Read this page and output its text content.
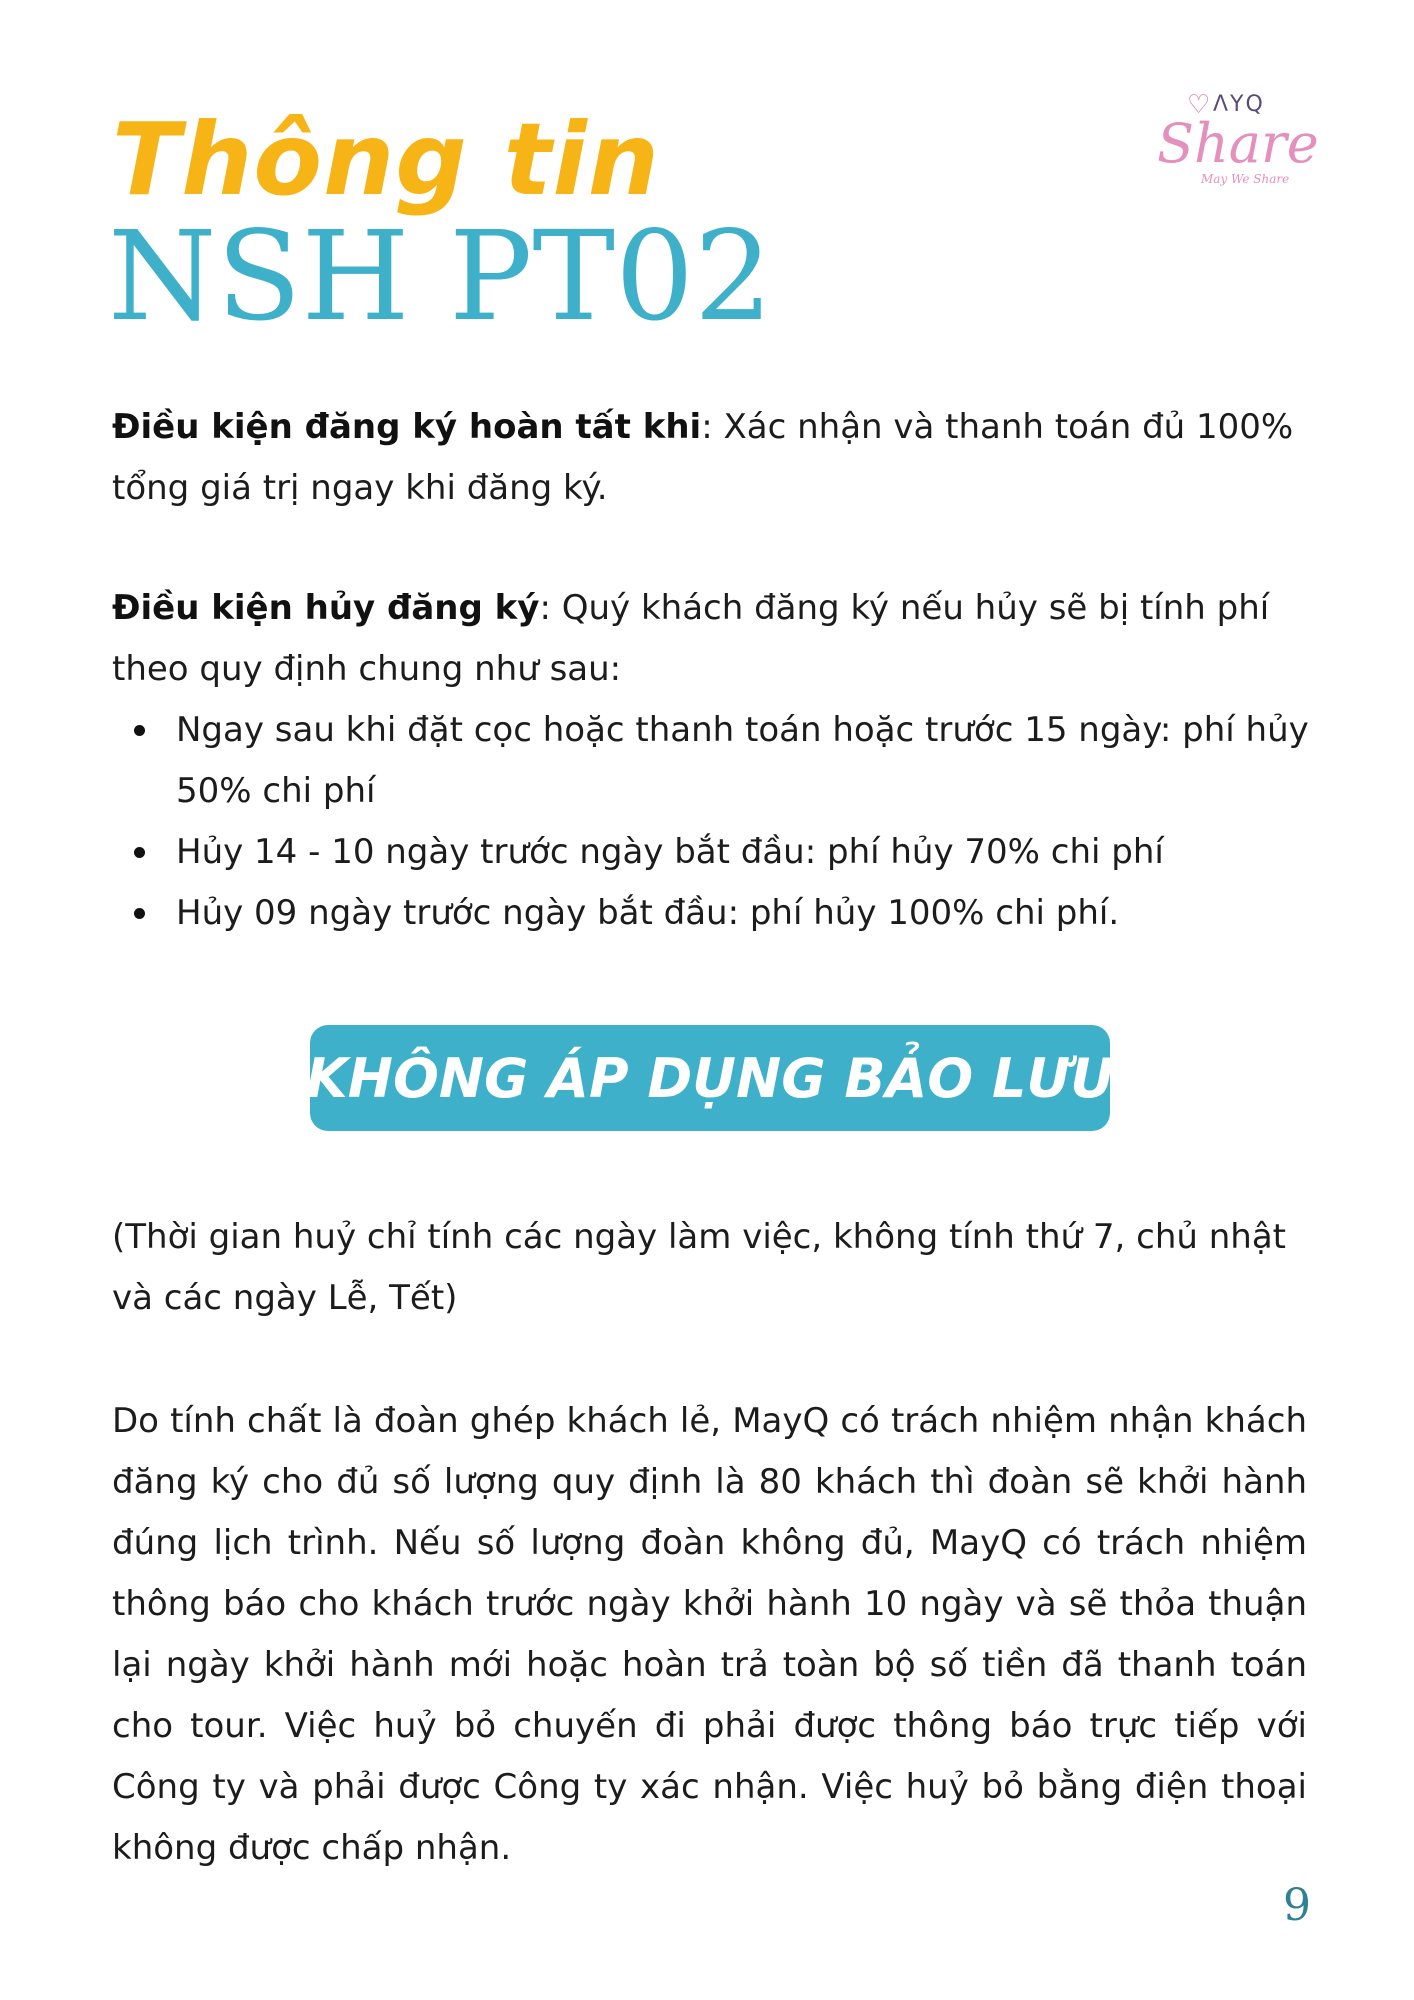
Thông tin
NSH PT02
♡ ΛYQ
Share
May We Share
Điều kiện đăng ký hoàn tất khi: Xác nhận và thanh toán đủ 100% tổng giá trị ngay khi đăng ký.
Điều kiện hủy đăng ký: Quý khách đăng ký nếu hủy sẽ bị tính phí theo quy định chung như sau:
Ngay sau khi đặt cọc hoặc thanh toán hoặc trước 15 ngày: phí hủy 50% chi phí
Hủy 14 - 10 ngày trước ngày bắt đầu: phí hủy 70% chi phí
Hủy 09 ngày trước ngày bắt đầu: phí hủy 100% chi phí.
KHÔNG ÁP DỤNG BẢO LƯU
(Thời gian huỷ chỉ tính các ngày làm việc, không tính thứ 7, chủ nhật và các ngày Lễ, Tết)
Do tính chất là đoàn ghép khách lẻ, MayQ có trách nhiệm nhận khách đăng ký cho đủ số lượng quy định là 80 khách thì đoàn sẽ khởi hành đúng lịch trình. Nếu số lượng đoàn không đủ, MayQ có trách nhiệm thông báo cho khách trước ngày khởi hành 10 ngày và sẽ thỏa thuận lại ngày khởi hành mới hoặc hoàn trả toàn bộ số tiền đã thanh toán cho tour. Việc huỷ bỏ chuyến đi phải được thông báo trực tiếp với Công ty và phải được Công ty xác nhận. Việc huỷ bỏ bằng điện thoại không được chấp nhận.
9
